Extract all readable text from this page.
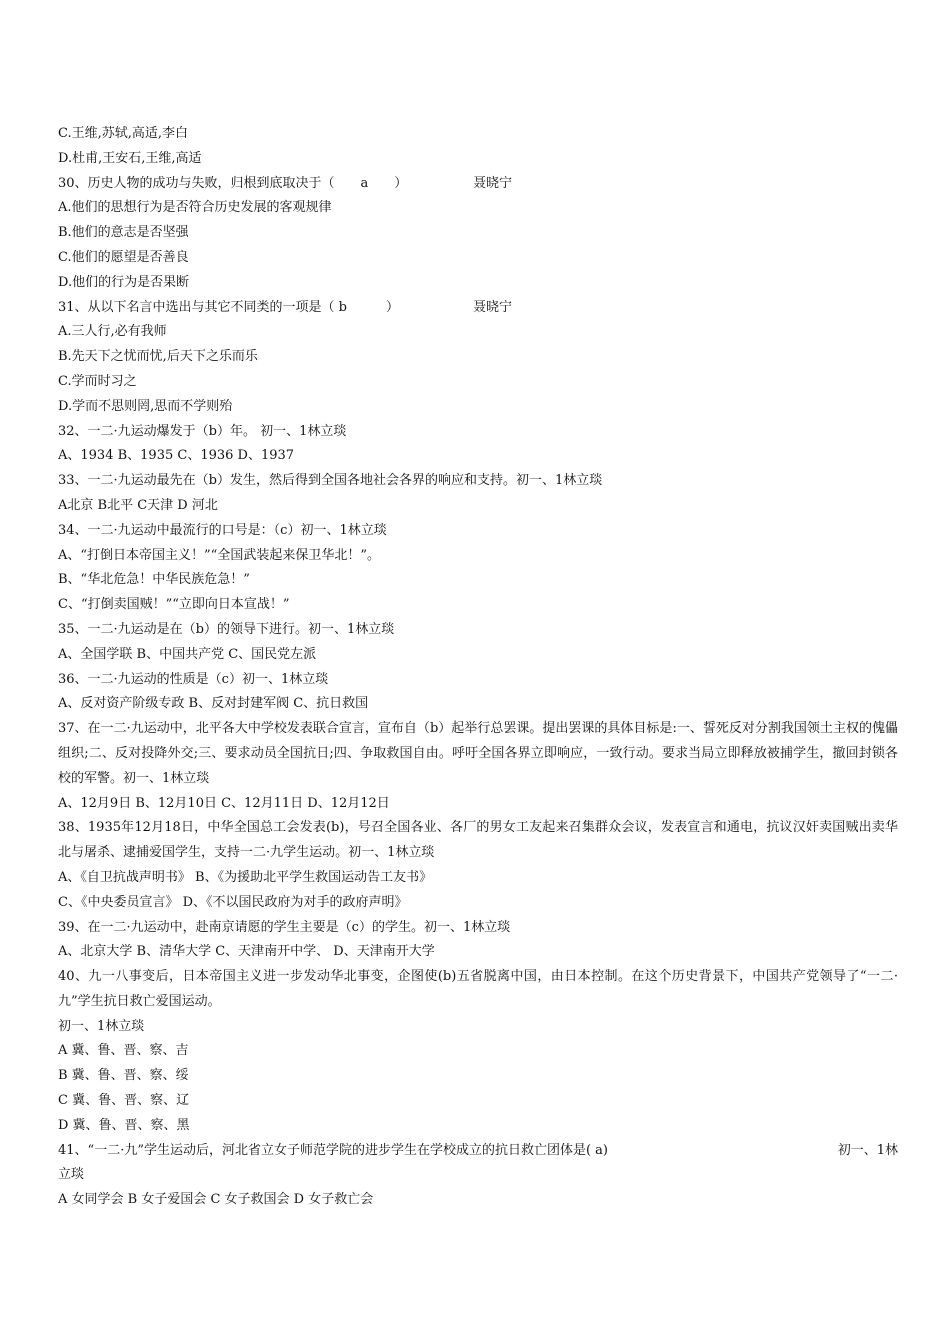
C.王维,苏轼,高适,李白
D.杜甫,王安石,王维,高适
30、历史人物的成功与失败，归根到底取决于（　　a　　）	聂晓宁
A.他们的思想行为是否符合历史发展的客观规律
B.他们的意志是否坚强
C.他们的愿望是否善良
D.他们的行为是否果断
31、从以下名言中选出与其它不同类的一项是（ b　　　）	聂晓宁
A.三人行,必有我师
B.先天下之忧而忧,后天下之乐而乐
C.学而时习之
D.学而不思则罔,思而不学则殆
32、一二·九运动爆发于（b）年。 初一、1林立琰
A、1934 B、1935 C、1936 D、1937
33、一二·九运动最先在（b）发生，然后得到全国各地社会各界的响应和支持。初一、1林立琰
A北京 B北平 C天津 D 河北
34、一二·九运动中最流行的口号是：（c）初一、1林立琰
A、“打倒日本帝国主义！”“全国武装起来保卫华北！”。
B、“华北危急！中华民族危急！”
C、“打倒卖国贼！”“立即向日本宣战！”
35、一二·九运动是在（b）的领导下进行。初一、1林立琰
A、全国学联 B、中国共产党 C、国民党左派
36、一二·九运动的性质是（c）初一、1林立琰
A、反对资产阶级专政 B、反对封建军阀 C、抗日救国
37、在一二·九运动中，北平各大中学校发表联合宣言，宣布自（b）起举行总罢课。提出罢课的具体目标是:一、誓死反对分割我国领土主权的傀儡组织;二、反对投降外交;三、要求动员全国抗日;四、争取救国自由。呼吁全国各界立即响应，一致行动。要求当局立即释放被捕学生，撤回封锁各校的军警。初一、1林立琰
A、12月9日 B、12月10日 C、12月11日 D、12月12日
38、1935年12月18日，中华全国总工会发表(b)，号召全国各业、各厂的男女工友起来召集群众会议，发表宣言和通电，抗议汉奸卖国贼出卖华北与屠杀、逮捕爱国学生，支持一二·九学生运动。初一、1林立琰
A、《自卫抗战声明书》 B、《为援助北平学生救国运动告工友书》
C、《中央委员宣言》 D、《不以国民政府为对手的政府声明》
39、在一二·九运动中，赴南京请愿的学生主要是（c）的学生。初一、1林立琰
A、北京大学 B、清华大学 C、天津南开中学、 D、天津南开大学
40、九一八事变后，日本帝国主义进一步发动华北事变，企图使(b)五省脱离中国，由日本控制。在这个历史背景下，中国共产党领导了“一二·九”学生抗日救亡爱国运动。
初一、1林立琰
A 冀、鲁、晋、察、吉
B 冀、鲁、晋、察、绥
C 冀、鲁、晋、察、辽
D 冀、鲁、晋、察、黑
41、“一二·九”学生运动后，河北省立女子师范学院的进步学生在学校成立的抗日救亡团体是( a)	初一、1林
立琰
A 女同学会 B 女子爱国会 C 女子救国会 D 女子救亡会
